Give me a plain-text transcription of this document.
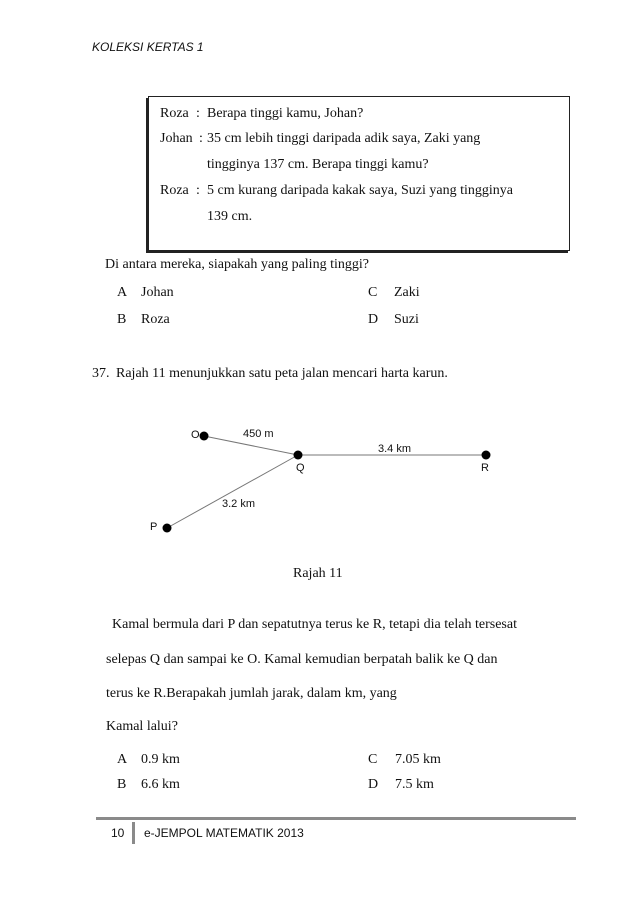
KOLEKSI KERTAS 1
Roza : Berapa tinggi kamu, Johan?
Johan : 35 cm lebih tinggi daripada adik saya, Zaki yang
tingginya 137 cm. Berapa tinggi kamu?
Roza : 5 cm kurang daripada kakak saya, Suzi yang tingginya
139 cm.
Di antara mereka, siapakah yang paling tinggi?
A Johan	C Zaki
B Roza	D Suzi
37. Rajah 11 menunjukkan satu peta jalan mencari harta karun.
O
Q	R
P
450 m
3.4 km
3.2 km
Rajah 11
Kamal bermula dari P dan sepatutnya terus ke R, tetapi dia telah tersesat
selepas Q dan sampai ke O. Kamal kemudian berpatah balik ke Q dan
terus ke R.Berapakah jumlah jarak, dalam km, yang
Kamal lalui?
A 0.9 km	C 7.05 km
B 6.6 km	D 7.5 km
10 e-JEMPOL MATEMATIK 2013
